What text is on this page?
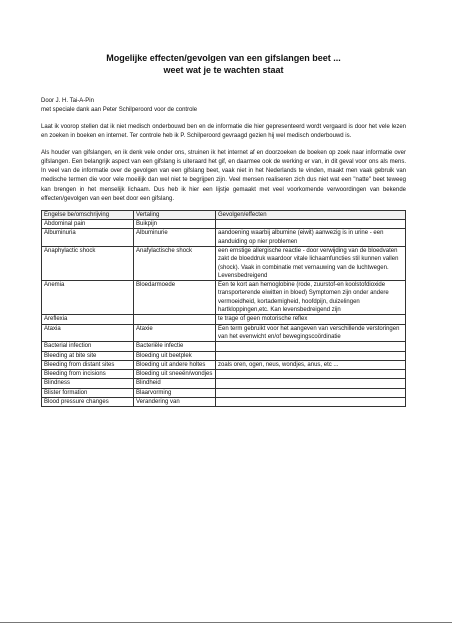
Mogelijke effecten/gevolgen van een gifslangen beet ...
weet wat je te wachten staat
Door J. H. Tai-A-Pin
met speciale dank aan Peter Schilperoord voor de controle

Laat ik voorop stellen dat ik niet medisch onderbouwd ben en de informatie die hier gepresenteerd wordt vergaard is door het vele lezen en zoeken in boeken en internet. Ter controle heb ik P. Schilperoord gevraagd gezien hij wel medisch onderbouwd is.

Als houder van gifslangen, en ik denk vele onder ons, struinen ik het internet af en doorzoeken de boeken op zoek naar informatie over gifslangen. Een belangrijk aspect van een gifslang is uiteraard het gif, en daarmee ook de werking er van, in dit geval voor ons als mens. In veel van de informatie over de gevolgen van een gifslang beet, vaak niet in het Nederlands te vinden, maakt men vaak gebruik van medische termen die voor vele moeilijk dan wel niet te begrijpen zijn. Veel mensen realiseren zich dus niet wat een "natte" beet teweeg kan brengen in het menselijk lichaam. Dus heb ik hier een lijstje gemaakt met veel voorkomende verwoordingen van bekende effecten/gevolgen van een beet door een gifslang.

Engelse be/omschrijving	Vertaling	Gevolgen/effecten
Abdominal pain	Buikpijn	
Albuminuria	Albuminurie	aandoening waarbij albumine (eiwit) aanwezig is in urine - een aanduiding op nier problemen
Anaphylactic shock	Anafylactische shock	een ernstige allergische reactie - door verwijding van de bloedvaten zakt de bloeddruk waardoor vitale lichaamfuncties stil kunnen vallen (shock). Vaak in combinatie met vernauwing van de luchtwegen. Levensbedreigend
Anemia	Bloedarmoede	Een te kort aan hemoglobine (rode, zuurstof-en koolstofdioxide transporterende eiwitten in bloed) Symptomen zijn onder andere vermoeidheid, kortademigheid, hoofdpijn, duizelingen hartkloppingen,etc. Kan levensbedreigend zijn
Areflexia		te trage of geen motorische reflex
Ataxia	Ataxie	Een term gebruikt voor het aangeven van verschillende verstoringen van het evenwicht en/of bewegingscoördinatie
Bacterial infection	Bacteriële infectie	
Bleeding at bite site	Bloeding uit beetplek	
Bleeding from distant sites	Bloeding uit andere holtes	zoals oren, ogen, neus, wondjes, anus, etc ...
Bleeding from incisions	Bloeding uit sneeën/wondjes	
Blindness	Blindheid	
Blister formation	Blaarvorming	
Blood pressure changes	Verandering van	
